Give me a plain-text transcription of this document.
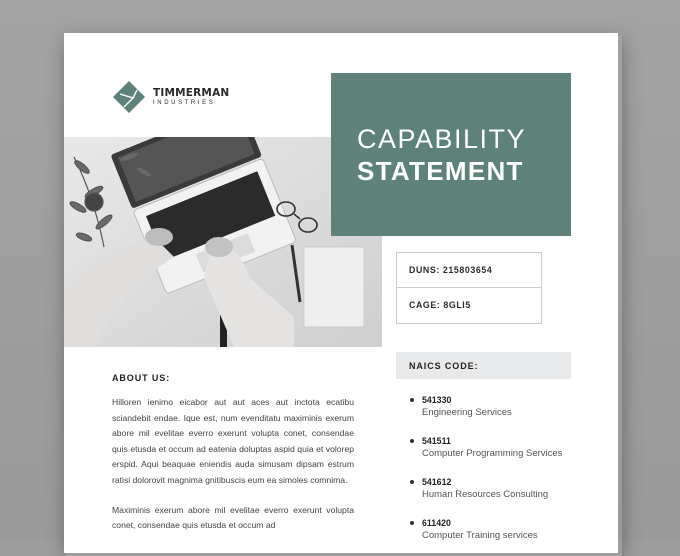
TIMMERMAN
INDUSTRIES
CAPABILITY
STATEMENT
DUNS: 215803654
CAGE: 8GLI5
NAICS CODE:
541330
Engineering Services
541511
Computer Programming Services
541612
Human Resources Consulting
611420
Computer Training services
ABOUT US:

Hilloren ienimo eicabor aut aut aces aut inctota ecatibu sciandebit endae. Ique est, num evenditatu maximinis exerum abore mil evelitae everro exerunt volupta conet, consendae quis etusda et occum ad eatenia doluptas aspid quia et volorep erspid. Aqui beaquae eniendis auda simusam dipsam estrum ratisi dolorovit magnima gnitibuscis eum ea simoles comnima.

Maximinis exerum abore mil evelitae everro exerunt volupta conet, consendae quis etusda et occum ad
